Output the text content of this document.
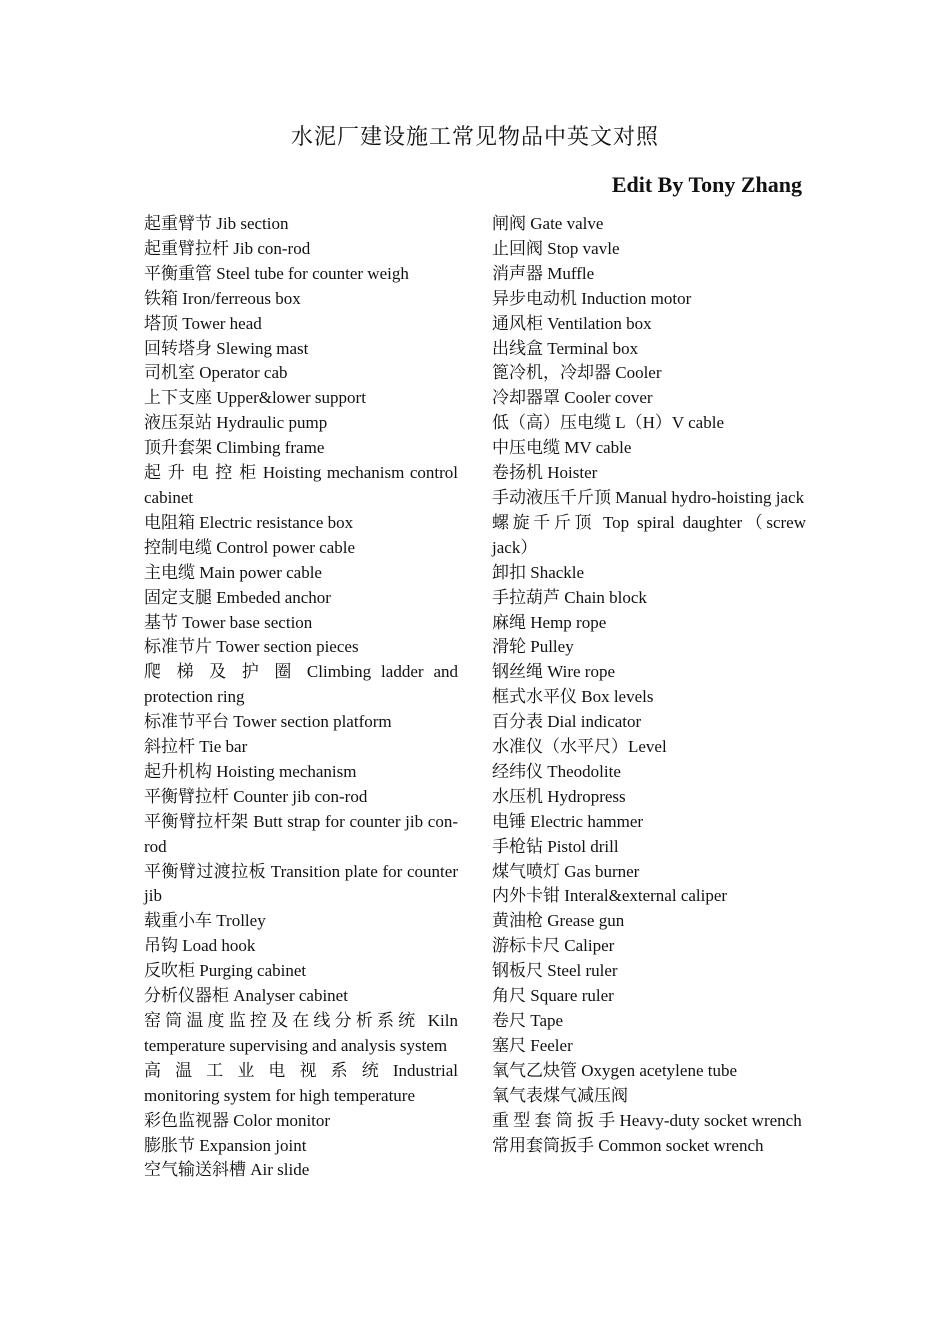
水泥厂建设施工常见物品中英文对照
Edit By Tony Zhang

起重臂节 Jib section

起重臂拉杆 Jib con-rod

平衡重管 Steel tube for counter weigh

铁箱 Iron/ferreous box

塔顶 Tower head

回转塔身 Slewing mast

司机室 Operator cab

上下支座 Upper&lower support

液压泵站 Hydraulic pump

顶升套架 Climbing frame

起 升 电 控 柜 Hoisting mechanism control cabinet

电阻箱 Electric resistance box

控制电缆 Control power cable

主电缆 Main power cable

固定支腿 Embeded anchor

基节 Tower base section

标准节片 Tower section pieces

爬 梯 及 护 圈 Climbing ladder and protection ring

标准节平台 Tower section platform

斜拉杆 Tie bar

起升机构 Hoisting mechanism

平衡臂拉杆 Counter jib con-rod

平衡臂拉杆架 Butt strap for counter jib con-rod

平衡臂过渡拉板 Transition plate for counter jib

载重小车 Trolley

吊钩 Load hook

反吹柜 Purging cabinet

分析仪器柜 Analyser cabinet

窑筒温度监控及在线分析系统 Kiln temperature supervising and analysis system

高 温 工 业 电 视 系 统 Industrial monitoring system for high temperature

彩色监视器 Color monitor

膨胀节 Expansion joint

空气输送斜槽 Air slide

闸阀 Gate valve

止回阀 Stop vavle

消声器 Muffle

异步电动机 Induction motor

通风柜 Ventilation box

出线盒 Terminal box

篦冷机，冷却器 Cooler

冷却器罩 Cooler cover

低（高）压电缆 L（H）V cable

中压电缆 MV cable

卷扬机 Hoister

手动液压千斤顶 Manual hydro-hoisting jack

螺旋千斤顶 Top spiral daughter（screw jack）

卸扣 Shackle

手拉葫芦 Chain block

麻绳 Hemp rope

滑轮 Pulley

钢丝绳 Wire rope

框式水平仪 Box levels

百分表 Dial indicator

水准仪（水平尺）Level

经纬仪 Theodolite

水压机 Hydropress

电锤 Electric hammer

手枪钻 Pistol drill

煤气喷灯 Gas burner

内外卡钳 Interal&external caliper

黄油枪 Grease gun

游标卡尺 Caliper

钢板尺 Steel ruler

角尺 Square ruler

卷尺 Tape

塞尺 Feeler

氧气乙炔管 Oxygen acetylene tube

氧气表煤气减压阀

重 型 套 筒 扳 手 Heavy-duty socket wrench

常用套筒扳手 Common socket wrench
